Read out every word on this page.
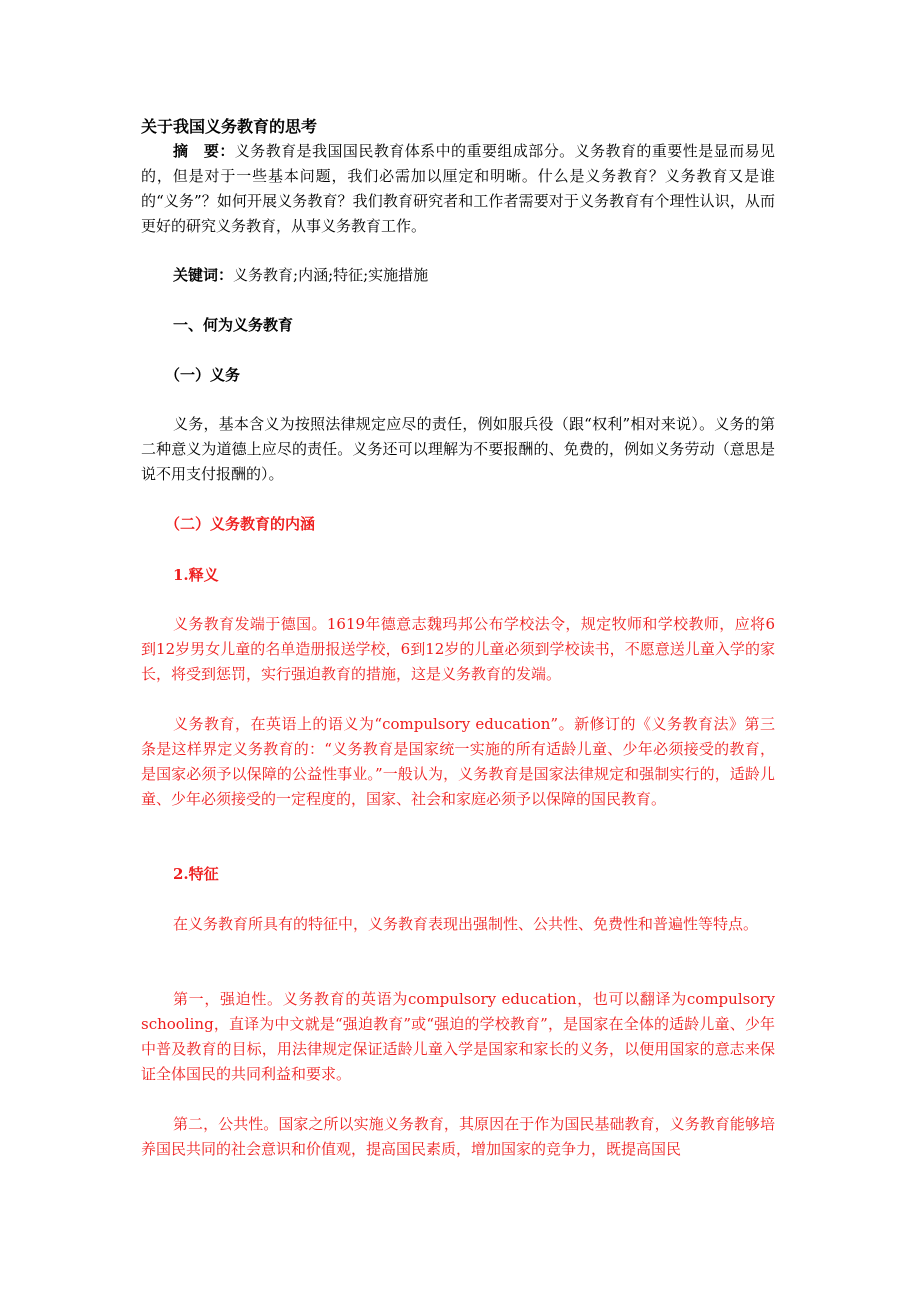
关于我国义务教育的思考

摘　要：义务教育是我国国民教育体系中的重要组成部分。义务教育的重要性是显而易见的，但是对于一些基本问题，我们必需加以厘定和明晰。什么是义务教育？义务教育又是谁的“义务”？如何开展义务教育？我们教育研究者和工作者需要对于义务教育有个理性认识，从而更好的研究义务教育，从事义务教育工作。

关键词：义务教育;内涵;特征;实施措施

一、何为义务教育

（一）义务

义务，基本含义为按照法律规定应尽的责任，例如服兵役（跟“权利”相对来说）。义务的第二种意义为道德上应尽的责任。义务还可以理解为不要报酬的、免费的，例如义务劳动（意思是说不用支付报酬的）。

（二）义务教育的内涵

1.释义

义务教育发端于德国。1619年德意志魏玛邦公布学校法令，规定牧师和学校教师，应将6到12岁男女儿童的名单造册报送学校，6到12岁的儿童必须到学校读书，不愿意送儿童入学的家长，将受到惩罚，实行强迫教育的措施，这是义务教育的发端。

义务教育，在英语上的语义为“compulsory education”。新修订的《义务教育法》第三条是这样界定义务教育的：“义务教育是国家统一实施的所有适龄儿童、少年必须接受的教育，是国家必须予以保障的公益性事业。”一般认为，义务教育是国家法律规定和强制实行的，适龄儿童、少年必须接受的一定程度的，国家、社会和家庭必须予以保障的国民教育。

2.特征

在义务教育所具有的特征中，义务教育表现出强制性、公共性、免费性和普遍性等特点。

第一，强迫性。义务教育的英语为compulsory education，也可以翻译为compulsory schooling，直译为中文就是“强迫教育”或“强迫的学校教育”，是国家在全体的适龄儿童、少年中普及教育的目标，用法律规定保证适龄儿童入学是国家和家长的义务，以便用国家的意志来保证全体国民的共同利益和要求。

第二，公共性。国家之所以实施义务教育，其原因在于作为国民基础教育，义务教育能够培养国民共同的社会意识和价值观，提高国民素质，增加国家的竞争力，既提高国民
